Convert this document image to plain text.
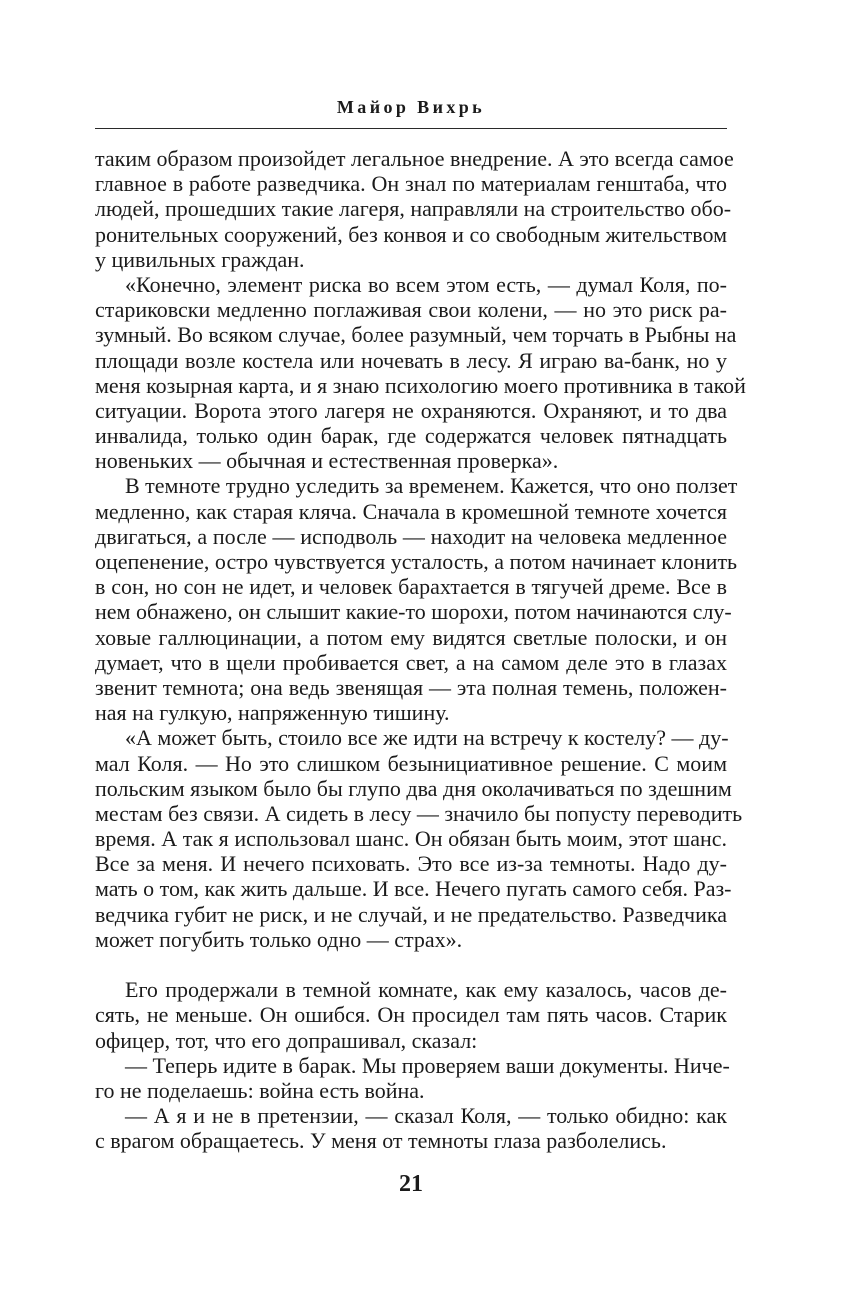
Майор Вихрь
таким образом произойдет легальное внедрение. А это всегда самое
главное в работе разведчика. Он знал по материалам генштаба, что
людей, прошедших такие лагеря, направляли на строительство обо-
ронительных сооружений, без конвоя и со свободным жительством
у цивильных граждан.
«Конечно, элемент риска во всем этом есть, — думал Коля, по-
стариковски медленно поглаживая свои колени, — но это риск ра-
зумный. Во всяком случае, более разумный, чем торчать в Рыбны на
площади возле костела или ночевать в лесу. Я играю ва-банк, но у
меня козырная карта, и я знаю психологию моего противника в такой
ситуации. Ворота этого лагеря не охраняются. Охраняют, и то два
инвалида, только один барак, где содержатся человек пятнадцать
новеньких — обычная и естественная проверка».
В темноте трудно уследить за временем. Кажется, что оно ползет
медленно, как старая кляча. Сначала в кромешной темноте хочется
двигаться, а после — исподволь — находит на человека медленное
оцепенение, остро чувствуется усталость, а потом начинает клонить
в сон, но сон не идет, и человек барахтается в тягучей дреме. Все в
нем обнажено, он слышит какие-то шорохи, потом начинаются слу-
ховые галлюцинации, а потом ему видятся светлые полоски, и он
думает, что в щели пробивается свет, а на самом деле это в глазах
звенит темнота; она ведь звенящая — эта полная темень, положен-
ная на гулкую, напряженную тишину.
«А может быть, стоило все же идти на встречу к костелу? — ду-
мал Коля. — Но это слишком безынициативное решение. С моим
польским языком было бы глупо два дня околачиваться по здешним
местам без связи. А сидеть в лесу — значило бы попусту переводить
время. А так я использовал шанс. Он обязан быть моим, этот шанс.
Все за меня. И нечего психовать. Это все из-за темноты. Надо ду-
мать о том, как жить дальше. И все. Нечего пугать самого себя. Раз-
ведчика губит не риск, и не случай, и не предательство. Разведчика
может погубить только одно — страх».
Его продержали в темной комнате, как ему казалось, часов де-
сять, не меньше. Он ошибся. Он просидел там пять часов. Старик
офицер, тот, что его допрашивал, сказал:
— Теперь идите в барак. Мы проверяем ваши документы. Ниче-
го не поделаешь: война есть война.
— А я и не в претензии, — сказал Коля, — только обидно: как
с врагом обращаетесь. У меня от темноты глаза разболелись.
21
